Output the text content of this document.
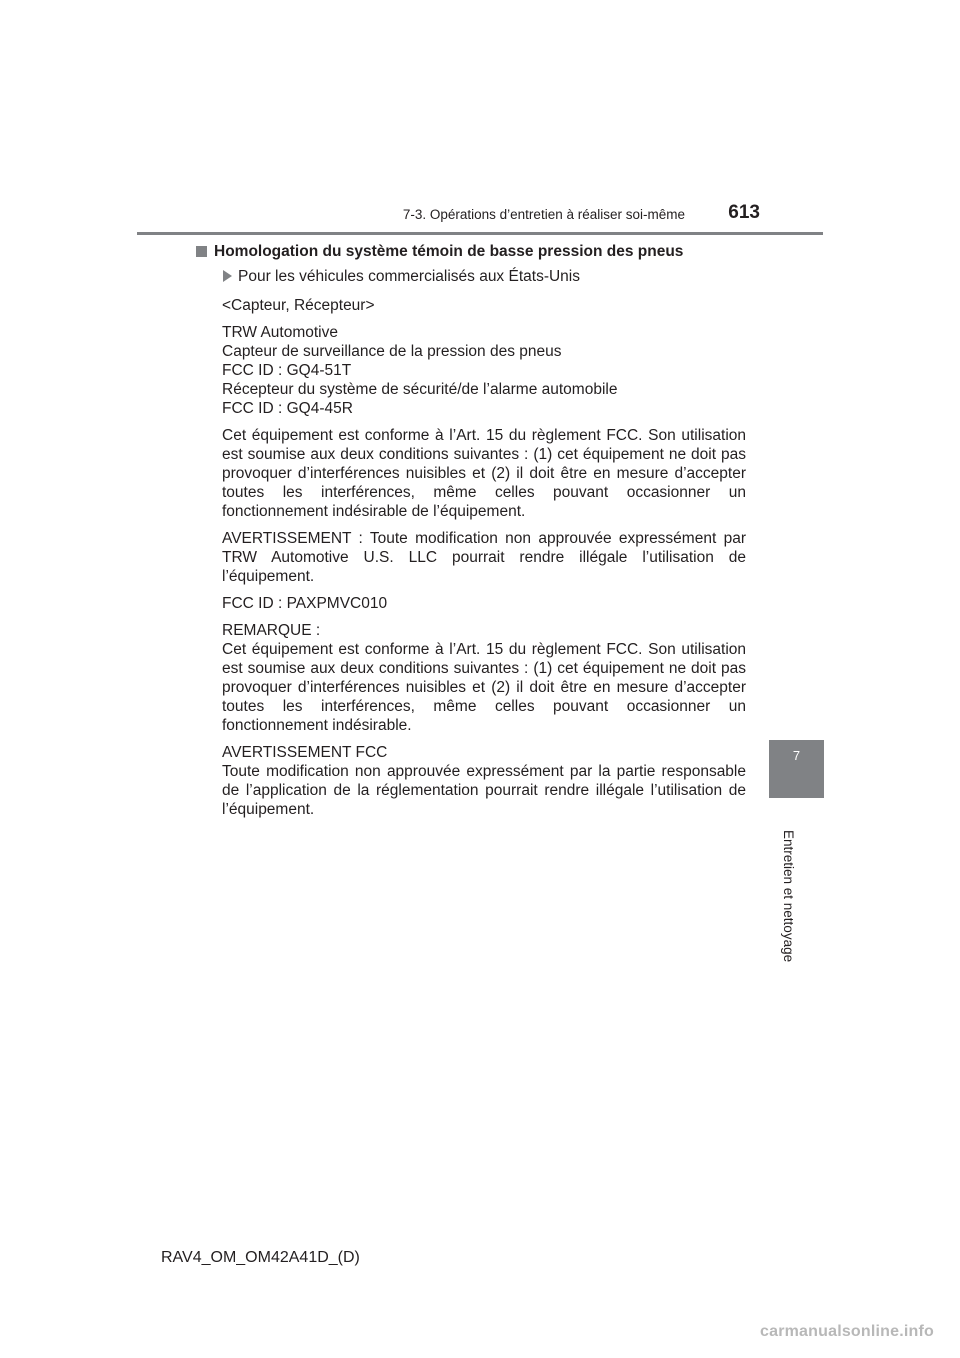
7-3. Opérations d’entretien à réaliser soi-même	613
Homologation du système témoin de basse pression des pneus
Pour les véhicules commercialisés aux États-Unis

<Capteur, Récepteur>

TRW Automotive
Capteur de surveillance de la pression des pneus
FCC ID : GQ4-51T
Récepteur du système de sécurité/de l’alarme automobile
FCC ID : GQ4-45R

Cet équipement est conforme à l’Art. 15 du règlement FCC. Son utilisation est soumise aux deux conditions suivantes : (1) cet équipement ne doit pas provoquer d’interférences nuisibles et (2) il doit être en mesure d’accepter toutes les interférences, même celles pouvant occasionner un fonctionnement indésirable de l’équipement.

AVERTISSEMENT : Toute modification non approuvée expressément par TRW Automotive U.S. LLC pourrait rendre illégale l’utilisation de l’équipement.

FCC ID : PAXPMVC010

REMARQUE :
Cet équipement est conforme à l’Art. 15 du règlement FCC. Son utilisation est soumise aux deux conditions suivantes : (1) cet équipement ne doit pas provoquer d’interférences nuisibles et (2) il doit être en mesure d’accepter toutes les interférences, même celles pouvant occasionner un fonctionnement indésirable.

AVERTISSEMENT FCC
Toute modification non approuvée expressément par la partie responsable de l’application de la réglementation pourrait rendre illégale l’utilisation de l’équipement.

7
Entretien et nettoyage
RAV4_OM_OM42A41D_(D)
carmanualsonline.info
